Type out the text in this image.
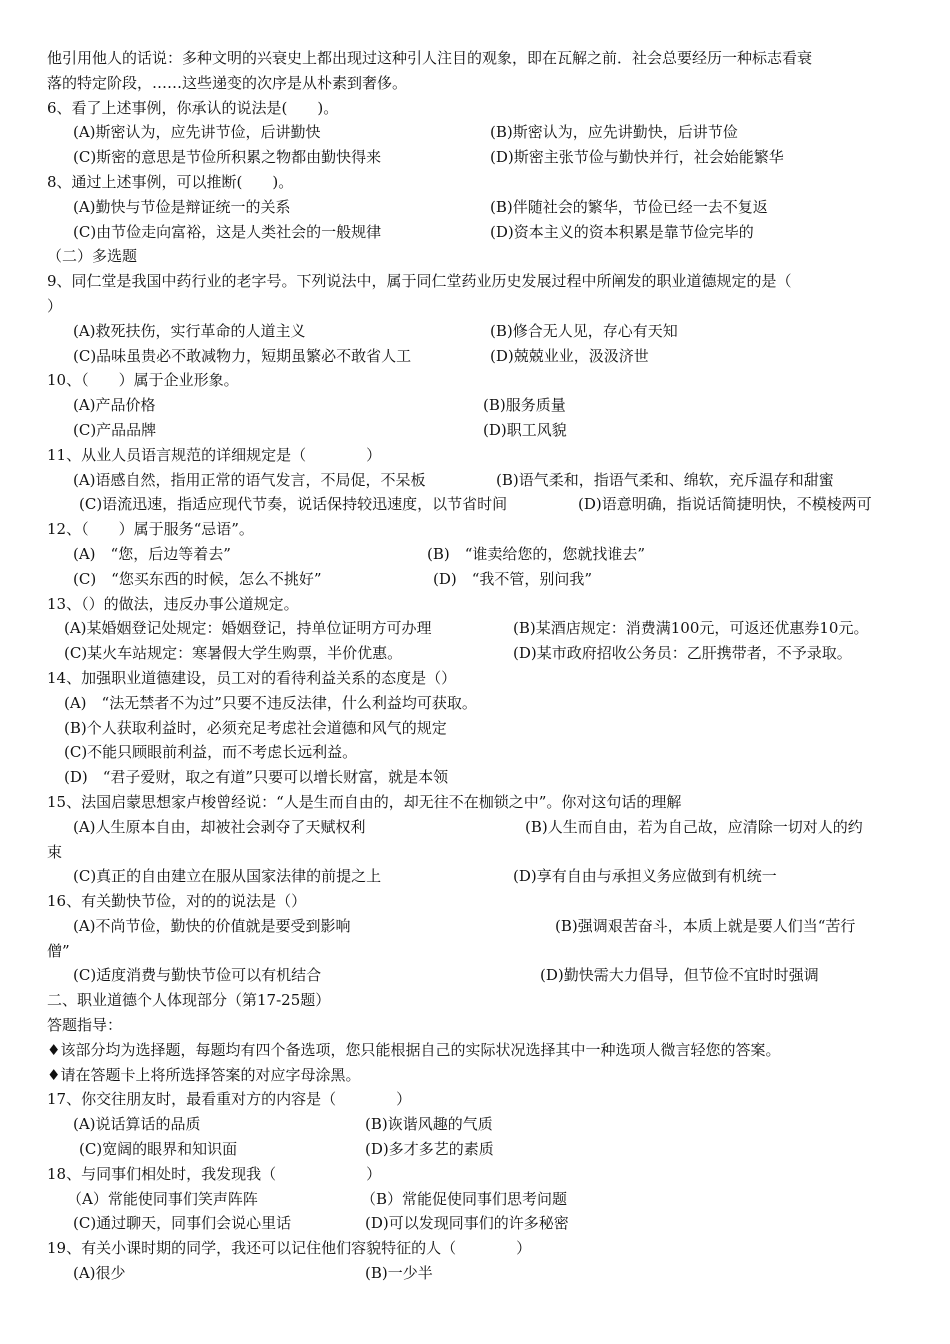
他引用他人的话说：多种文明的兴衰史上都出现过这种引人注目的观象，即在瓦解之前．社会总要经历一种标志看衰
落的特定阶段，……这些递变的次序是从朴素到奢侈。
6、看了上述事例，你承认的说法是(　　)。
(A)斯密认为，应先讲节俭，后讲勤快	(B)斯密认为，应先讲勤快，后讲节俭
(C)斯密的意思是节俭所积累之物都由勤快得来	(D)斯密主张节俭与勤快并行，社会始能繁华
8、通过上述事例，可以推断(　　)。
(A)勤快与节俭是辩证统一的关系	(B)伴随社会的繁华，节俭已经一去不复返
(C)由节俭走向富裕，这是人类社会的一般规律	(D)资本主义的资本积累是靠节俭完毕的
（二）多选题
9、同仁堂是我国中药行业的老字号。下列说法中，属于同仁堂药业历史发展过程中所阐发的职业道德规定的是（
）
(A)救死扶伤，实行革命的人道主义	(B)修合无人见，存心有天知
(C)品味虽贵必不敢减物力，短期虽繁必不敢省人工	(D)兢兢业业，汲汲济世
10、（　　）属于企业形象。
(A)产品价格	(B)服务质量
(C)产品品牌	(D)职工风貌
11、从业人员语言规范的详细规定是（　　　　）
(A)语感自然，指用正常的语气发言，不局促，不呆板	(B)语气柔和，指语气柔和、绵软，充斥温存和甜蜜
(C)语流迅速，指适应现代节奏，说话保持较迅速度，以节省时间	(D)语意明确，指说话简捷明快，不模棱两可
12、（　　）属于服务“忌语”。
(A)　“您，后边等着去”	(B)　“谁卖给您的，您就找谁去”
(C)　“您买东西的时候，怎么不挑好”	(D)　“我不管，别问我”
13、（）的做法，违反办事公道规定。
(A)某婚姻登记处规定：婚姻登记，持单位证明方可办理	(B)某酒店规定：消费满100元，可返还优惠券10元。
(C)某火车站规定：寒暑假大学生购票，半价优惠。	(D)某市政府招收公务员：乙肝携带者，不予录取。
14、加强职业道德建设，员工对的看待利益关系的态度是（）
(A)　“法无禁者不为过”只要不违反法律，什么利益均可获取。
(B)个人获取利益时，必须充足考虑社会道德和风气的规定
(C)不能只顾眼前利益，而不考虑长远利益。
(D)　“君子爱财，取之有道”只要可以增长财富，就是本领
15、法国启蒙思想家卢梭曾经说：“人是生而自由的，却无往不在枷锁之中”。你对这句话的理解
(A)人生原本自由，却被社会剥夺了天赋权利	(B)人生而自由，若为自己故，应清除一切对人的约
束
(C)真正的自由建立在服从国家法律的前提之上	(D)享有自由与承担义务应做到有机统一
16、有关勤快节俭，对的的说法是（）
(A)不尚节俭，勤快的价值就是要受到影响	(B)强调艰苦奋斗，本质上就是要人们当“苦行
僧”
(C)适度消费与勤快节俭可以有机结合	(D)勤快需大力倡导，但节俭不宜时时强调
二、职业道德个人体现部分（第17-25题）
答题指导：
♦该部分均为选择题，每题均有四个备选项，您只能根据自己的实际状况选择其中一种选项人微言轻您的答案。
♦请在答题卡上将所选择答案的对应字母涂黑。
17、你交往朋友时，最看重对方的内容是（　　　　）
(A)说话算话的品质	(B)诙谐风趣的气质
(C)宽阔的眼界和知识面	(D)多才多艺的素质
18、与同事们相处时，我发现我（　　　　　　）
（A）常能使同事们笑声阵阵	（B）常能促使同事们思考问题
(C)通过聊天，同事们会说心里话	(D)可以发现同事们的许多秘密
19、有关小课时期的同学，我还可以记住他们容貌特征的人（　　　　）
(A)很少	(B)一少半
